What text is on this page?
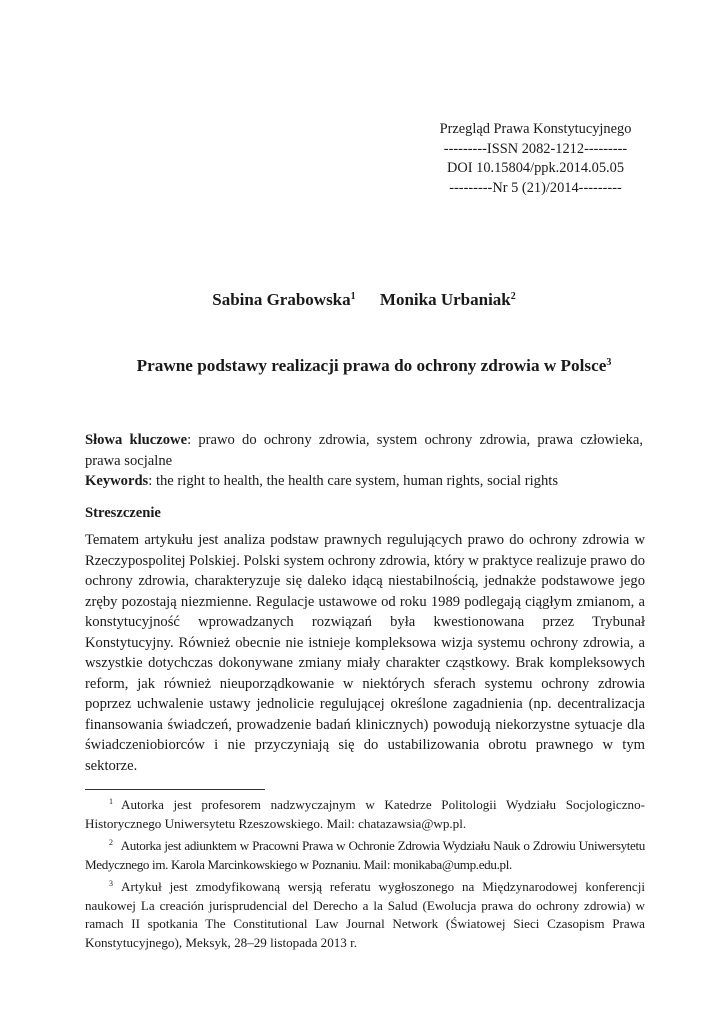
Przegląd Prawa Konstytucyjnego
---------ISSN 2082-1212---------
DOI 10.15804/ppk.2014.05.05
---------Nr 5 (21)/2014---------
Sabina Grabowska$^1$ Monika Urbaniak$^2$
Prawne podstawy realizacji prawa do ochrony zdrowia w Polsce$^3$
Słowa kluczowe: prawo do ochrony zdrowia, system ochrony zdrowia, prawa człowieka, prawa socjalne
Keywords: the right to health, the health care system, human rights, social rights
Streszczenie

Tematem artykułu jest analiza podstaw prawnych regulujących prawo do ochrony zdrowia w Rzeczypospolitej Polskiej. Polski system ochrony zdrowia, który w praktyce realizuje prawo do ochrony zdrowia, charakteryzuje się daleko idącą niestabilnością, jednakże podstawowe jego zręby pozostają niezmienne. Regulacje ustawowe od roku 1989 podlegają ciągłym zmianom, a konstytucyjność wprowadzanych rozwiązań była kwestionowana przez Trybunał Konstytucyjny. Również obecnie nie istnieje kompleksowa wizja systemu ochrony zdrowia, a wszystkie dotychczas dokonywane zmiany miały charakter cząstkowy. Brak kompleksowych reform, jak również nieuporządkowanie w niektórych sferach systemu ochrony zdrowia poprzez uchwalenie ustawy jednolicie regulującej określone zagadnienia (np. decentralizacja finansowania świadczeń, prowadzenie badań klinicznych) powodują niekorzystne sytuacje dla świadczeniobiorców i nie przyczyniają się do ustabilizowania obrotu prawnego w tym sektorze.

$^1$ Autorka jest profesorem nadzwyczajnym w Katedrze Politologii Wydziału Socjologiczno-Historycznego Uniwersytetu Rzeszowskiego. Mail: chatazawsia@wp.pl.

$^2$ Autorka jest adiunktem w Pracowni Prawa w Ochronie Zdrowia Wydziału Nauk o Zdrowiu Uniwersytetu Medycznego im. Karola Marcinkowskiego w Poznaniu. Mail: monikaba@ump.edu.pl.

$^3$ Artykuł jest zmodyfikowaną wersją referatu wygłoszonego na Międzynarodowej konferencji naukowej La creación jurisprudencial del Derecho a la Salud (Ewolucja prawa do ochrony zdrowia) w ramach II spotkania The Constitutional Law Journal Network (Światowej Sieci Czasopism Prawa Konstytucyjnego), Meksyk, 28–29 listopada 2013 r.
